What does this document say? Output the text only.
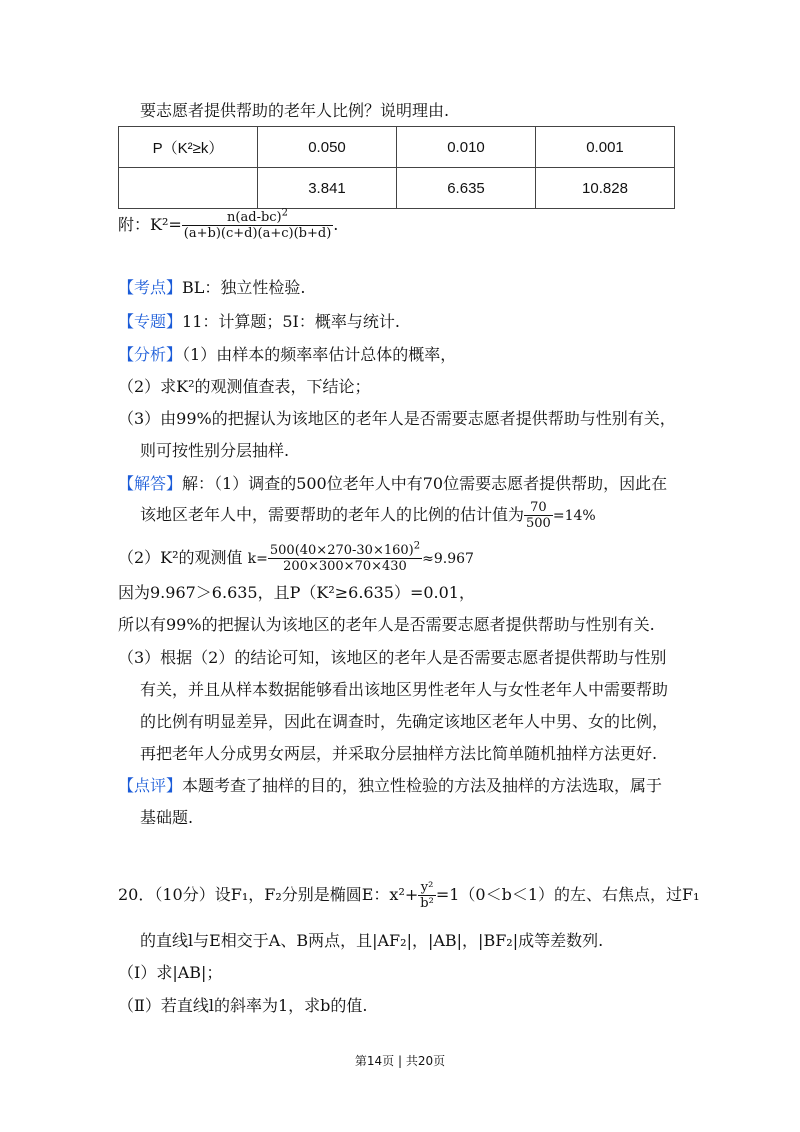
要志愿者提供帮助的老年人比例？说明理由.
P（K²≥k）	0.050	0.010	0.001
	3.841	6.635	10.828
附：$K^2= \frac{n(ad-bc)^2}{(a+b)(c+d)(a+c)(b+d)}$ .
【考点】BL：独立性检验.
【专题】11：计算题；5I：概率与统计.
【分析】（1）由样本的频率率估计总体的概率，
（2）求K²的观测值查表，下结论；
（3）由99%的把握认为该地区的老年人是否需要志愿者提供帮助与性别有关，
则可按性别分层抽样.
【解答】解：（1）调查的500位老年人中有70位需要志愿者提供帮助，因此在
该地区老年人中，需要帮助的老年人的比例的估计值为 $\frac{70}{500} =14\%$
（2）K²的观测值 $k= \frac{500(40\times 270-30\times 160)^2}{200\times 300\times 70\times 430} \approx 9.967$
因为9.967＞6.635，且P（K²≥6.635）=0.01，
所以有99%的把握认为该地区的老年人是否需要志愿者提供帮助与性别有关.
（3）根据（2）的结论可知，该地区的老年人是否需要志愿者提供帮助与性别
有关，并且从样本数据能够看出该地区男性老年人与女性老年人中需要帮助
的比例有明显差异，因此在调查时，先确定该地区老年人中男、女的比例，
再把老年人分成男女两层，并采取分层抽样方法比简单随机抽样方法更好.
【点评】本题考查了抽样的目的，独立性检验的方法及抽样的方法选取，属于
基础题.
20．（10分）设F₁，F₂分别是椭圆E：$x^2+ \frac{\text{y²}}{\text{b²}} =1(0<b<1)$的左、右焦点，过F₁
的直线l与E相交于A、B两点，且|AF₂|，|AB|，|BF₂|成等差数列.
（Ⅰ）求|AB|；
（Ⅱ）若直线l的斜率为1，求b的值.
第14页 | 共20页
